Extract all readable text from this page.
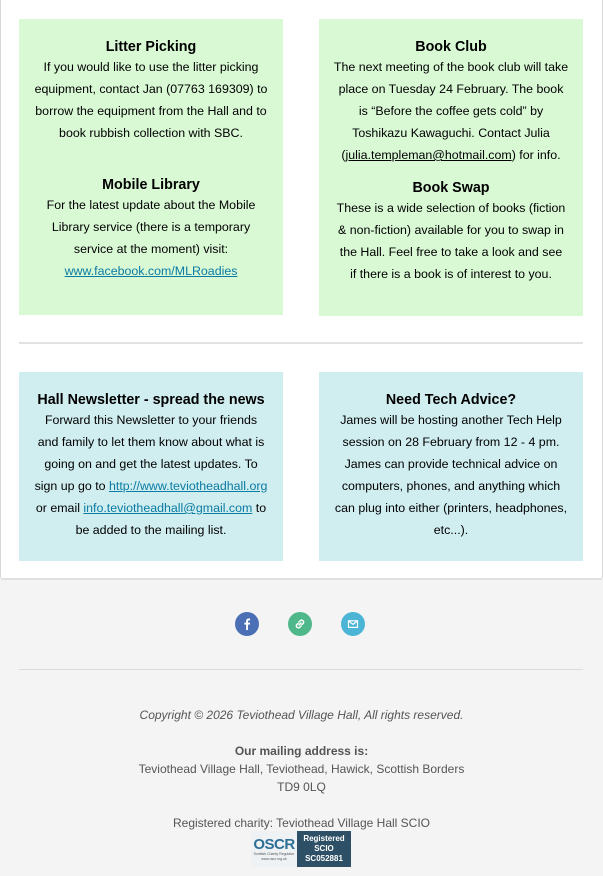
Litter Picking
If you would like to use the litter picking
equipment, contact Jan (07763 169309) to
borrow the equipment from the Hall and to
book rubbish collection with SBC.
Mobile Library
For the latest update about the Mobile
Library service (there is a temporary
service at the moment) visit:
www.facebook.com/MLRoadies
Book Club
The next meeting of the book club will take
place on Tuesday 24 February. The book
is “Before the coffee gets cold” by
Toshikazu Kawaguchi. Contact Julia
(julia.templeman@hotmail.com) for info.
Book Swap
These is a wide selection of books (fiction
& non-fiction) available for you to swap in
the Hall. Feel free to take a look and see
if there is a book is of interest to you.
Hall Newsletter - spread the news
Forward this Newsletter to your friends
and family to let them know about what is
going on and get the latest updates. To
sign up go to http://www.teviotheadhall.org
or email info.teviotheadhall@gmail.com to
be added to the mailing list.
Need Tech Advice?
James will be hosting another Tech Help
session on 28 February from 12 - 4 pm.
James can provide technical advice on
computers, phones, and anything which
can plug into either (printers, headphones,
etc...).
Copyright © 2026 Teviothead Village Hall, All rights reserved.
Our mailing address is:
Teviothead Village Hall, Teviothead, Hawick, Scottish Borders
TD9 0LQ
Registered charity: Teviothead Village Hall SCIO
OSCR
Scottish Charity Regulator
www.oscr.org.uk
Registered
SCIO
SC052881
